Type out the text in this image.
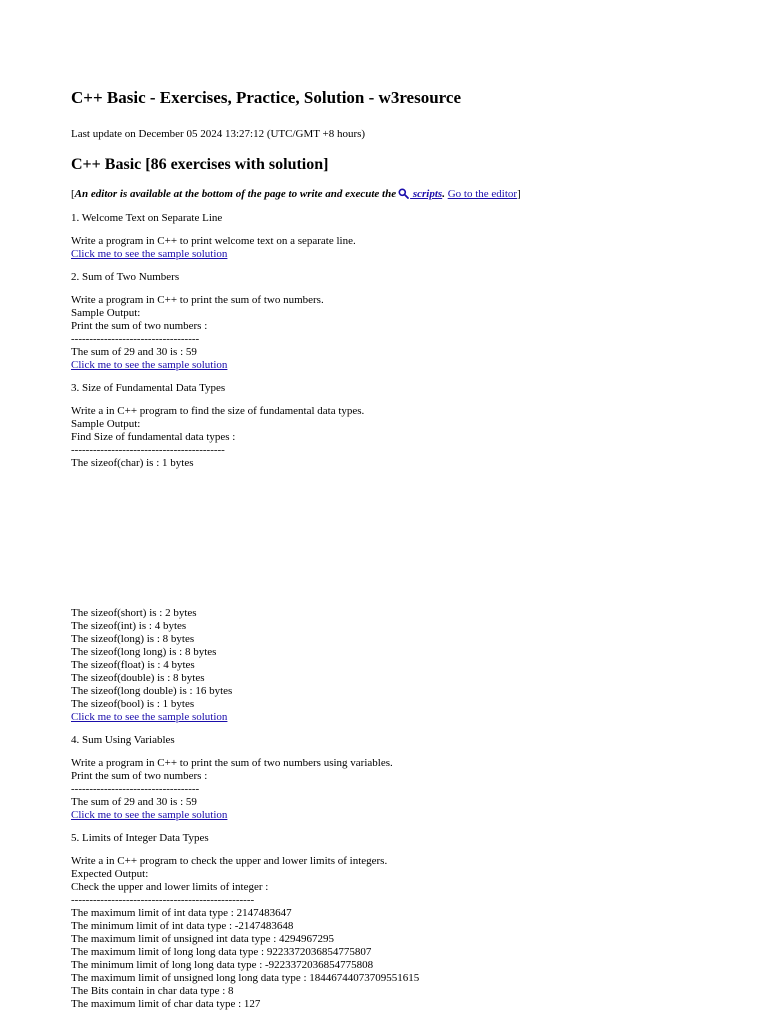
C++ Basic - Exercises, Practice, Solution - w3resource
Last update on December 05 2024 13:27:12 (UTC/GMT +8 hours)
C++ Basic [86 exercises with solution]
[An editor is available at the bottom of the page to write and execute the scripts. Go to the editor]
1. Welcome Text on Separate Line
Write a program in C++ to print welcome text on a separate line.
Click me to see the sample solution
2. Sum of Two Numbers
Write a program in C++ to print the sum of two numbers.
Sample Output:
Print the sum of two numbers :
-----------------------------------
The sum of 29 and 30 is : 59
Click me to see the sample solution
3. Size of Fundamental Data Types
Write a in C++ program to find the size of fundamental data types.
Sample Output:
Find Size of fundamental data types :
------------------------------------------
The sizeof(char) is : 1 bytes
The sizeof(short) is : 2 bytes
The sizeof(int) is : 4 bytes
The sizeof(long) is : 8 bytes
The sizeof(long long) is : 8 bytes
The sizeof(float) is : 4 bytes
The sizeof(double) is : 8 bytes
The sizeof(long double) is : 16 bytes
The sizeof(bool) is : 1 bytes
Click me to see the sample solution
4. Sum Using Variables
Write a program in C++ to print the sum of two numbers using variables.
Print the sum of two numbers :
-----------------------------------
The sum of 29 and 30 is : 59
Click me to see the sample solution
5. Limits of Integer Data Types
Write a in C++ program to check the upper and lower limits of integers.
Expected Output:
Check the upper and lower limits of integer :
--------------------------------------------------
The maximum limit of int data type : 2147483647
The minimum limit of int data type : -2147483648
The maximum limit of unsigned int data type : 4294967295
The maximum limit of long long data type : 9223372036854775807
The minimum limit of long long data type : -9223372036854775808
The maximum limit of unsigned long long data type : 18446744073709551615
The Bits contain in char data type : 8
The maximum limit of char data type : 127
